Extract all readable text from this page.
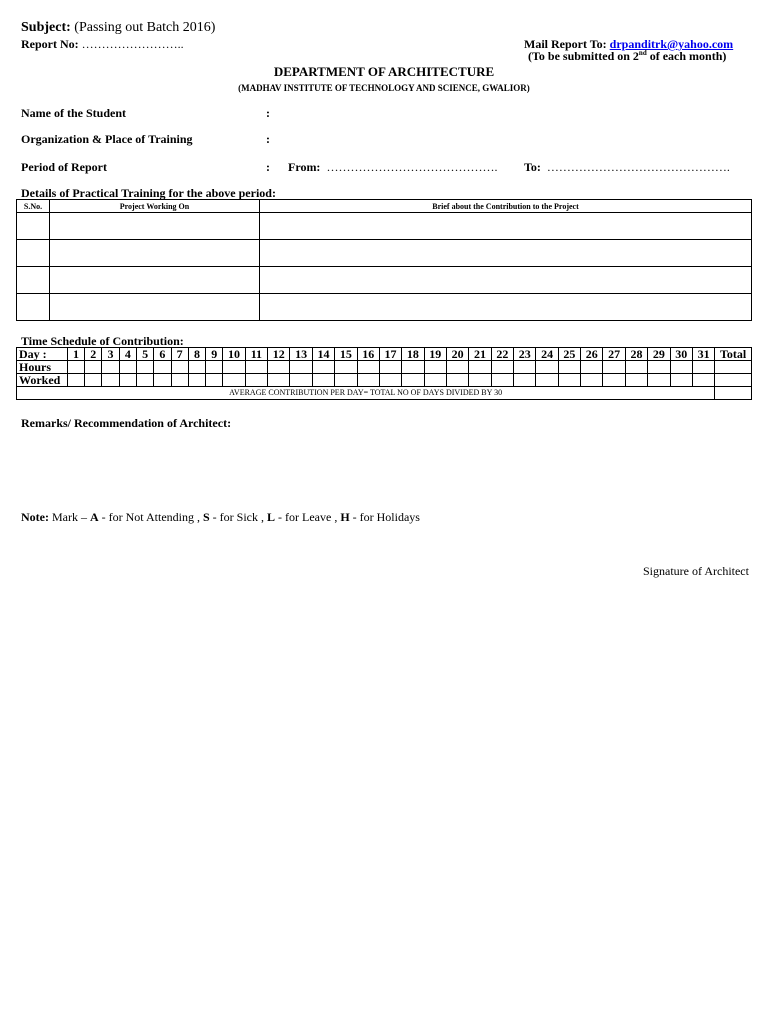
Subject: (Passing out Batch 2016)
Report No: ……………………..	Mail Report To: drpanditrk@yahoo.com
(To be submitted on 2nd of each month)
DEPARTMENT OF ARCHITECTURE
(MADHAV INSTITUTE OF TECHNOLOGY AND SCIENCE, GWALIOR)
Name of the Student	:
Organization & Place of Training	:
Period of Report	: From: ……………………………………. To: ……………………………………….
Details of Practical Training for the above period:
S.No.	Project Working On	Brief about the Contribution to the Project

Time Schedule of Contribution:
Day :	1	2	3	4	5	6	7	8	9	10	11	12	13	14	15	16	17	18	19	20	21	22	23	24	25	26	27	28	29	30	31	Total
Hours																																
Worked																																
AVERAGE CONTRIBUTION PER DAY= TOTAL NO OF DAYS DIVIDED BY 30																																
Remarks/ Recommendation of Architect:
Note: Mark – A - for Not Attending , S - for Sick , L - for Leave , H - for Holidays
Signature of Architect
